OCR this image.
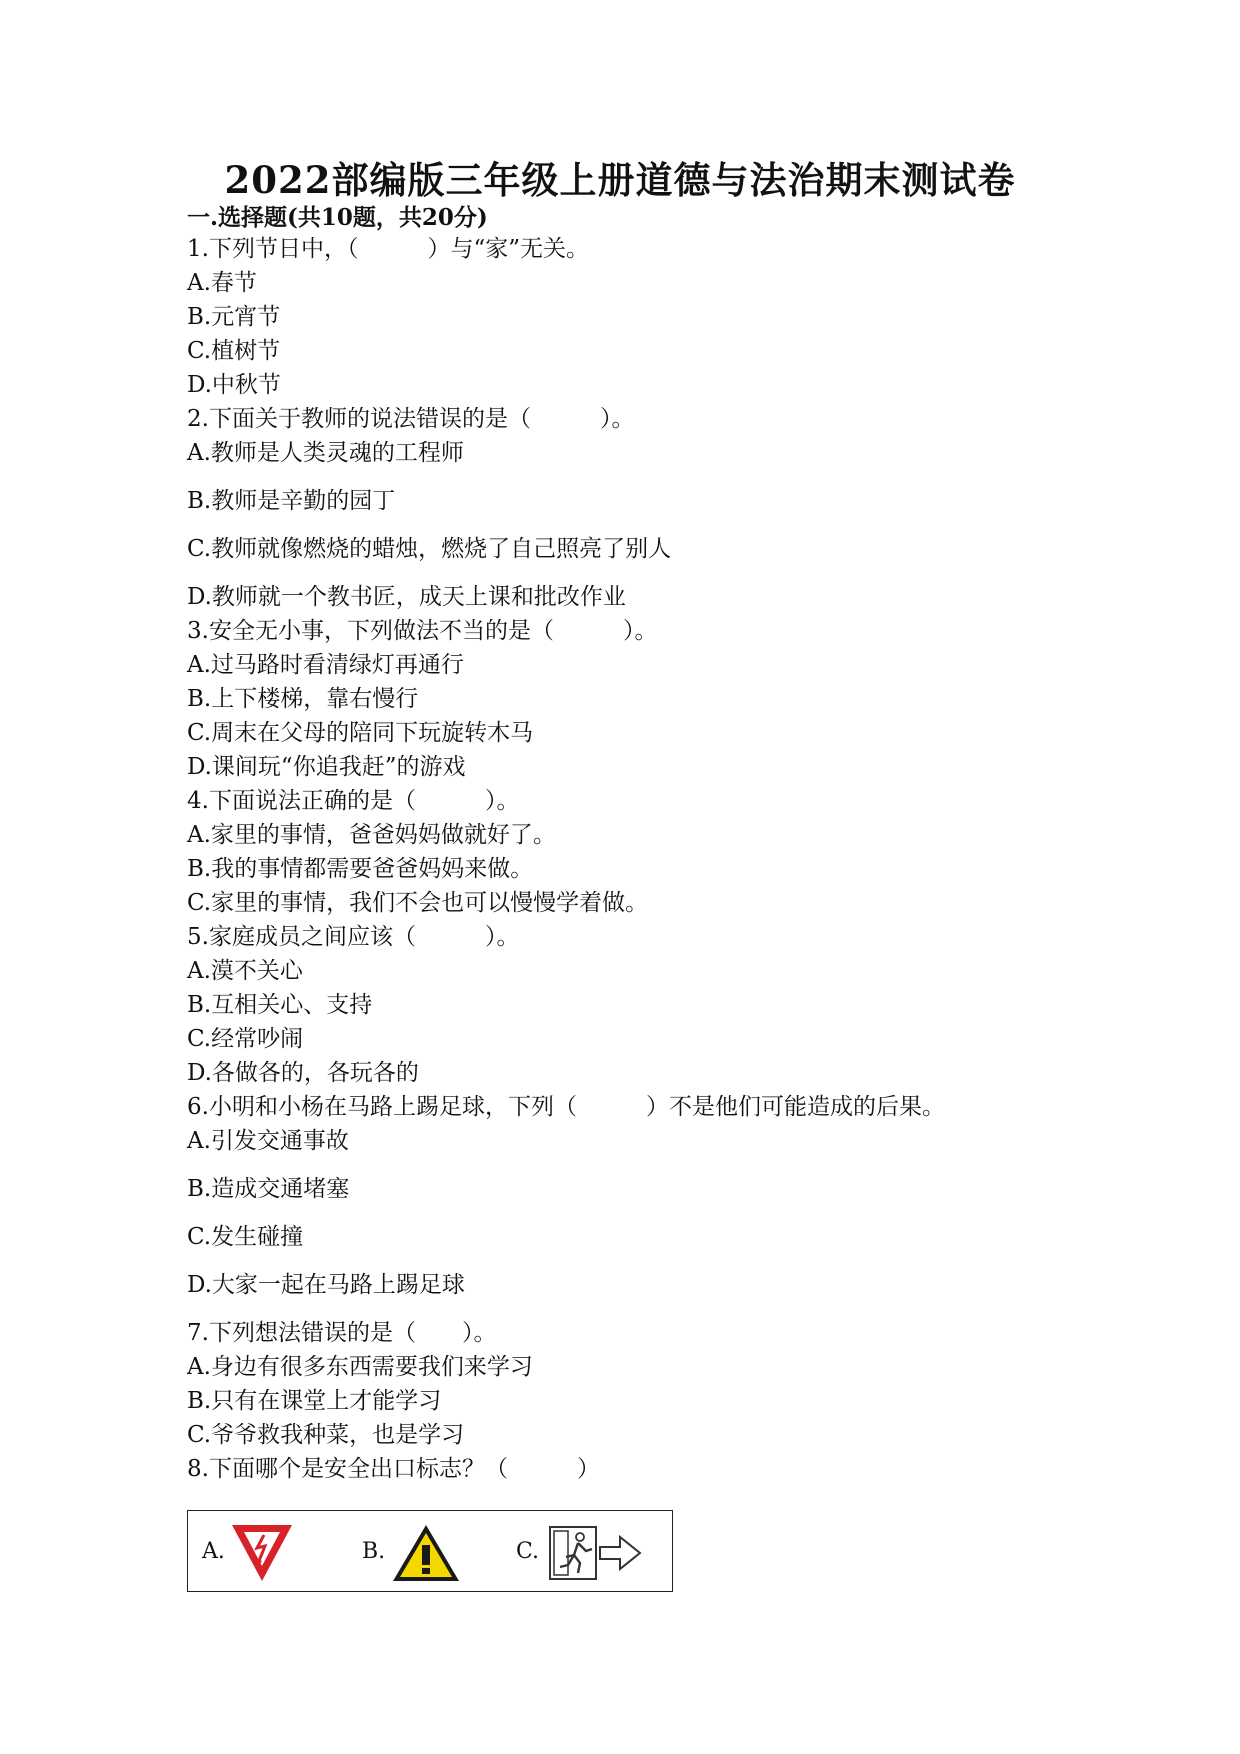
2022部编版三年级上册道德与法治期末测试卷
一.选择题(共10题，共20分)
1.下列节日中，（　　　）与“家”无关。
A.春节
B.元宵节
C.植树节
D.中秋节
2.下面关于教师的说法错误的是（　　　）。
A.教师是人类灵魂的工程师
B.教师是辛勤的园丁
C.教师就像燃烧的蜡烛，燃烧了自己照亮了别人
D.教师就一个教书匠，成天上课和批改作业
3.安全无小事，下列做法不当的是（　　　）。
A.过马路时看清绿灯再通行
B.上下楼梯，靠右慢行
C.周末在父母的陪同下玩旋转木马
D.课间玩“你追我赶”的游戏
4.下面说法正确的是（　　　）。
A.家里的事情，爸爸妈妈做就好了。
B.我的事情都需要爸爸妈妈来做。
C.家里的事情，我们不会也可以慢慢学着做。
5.家庭成员之间应该（　　　）。
A.漠不关心
B.互相关心、支持
C.经常吵闹
D.各做各的，各玩各的
6.小明和小杨在马路上踢足球，下列（　　　）不是他们可能造成的后果。
A.引发交通事故
B.造成交通堵塞
C.发生碰撞
D.大家一起在马路上踢足球
7.下列想法错误的是（　　）。
A.身边有很多东西需要我们来学习
B.只有在课堂上才能学习
C.爷爷救我种菜，也是学习
8.下面哪个是安全出口标志？（　　　）
A.	B.	C.
